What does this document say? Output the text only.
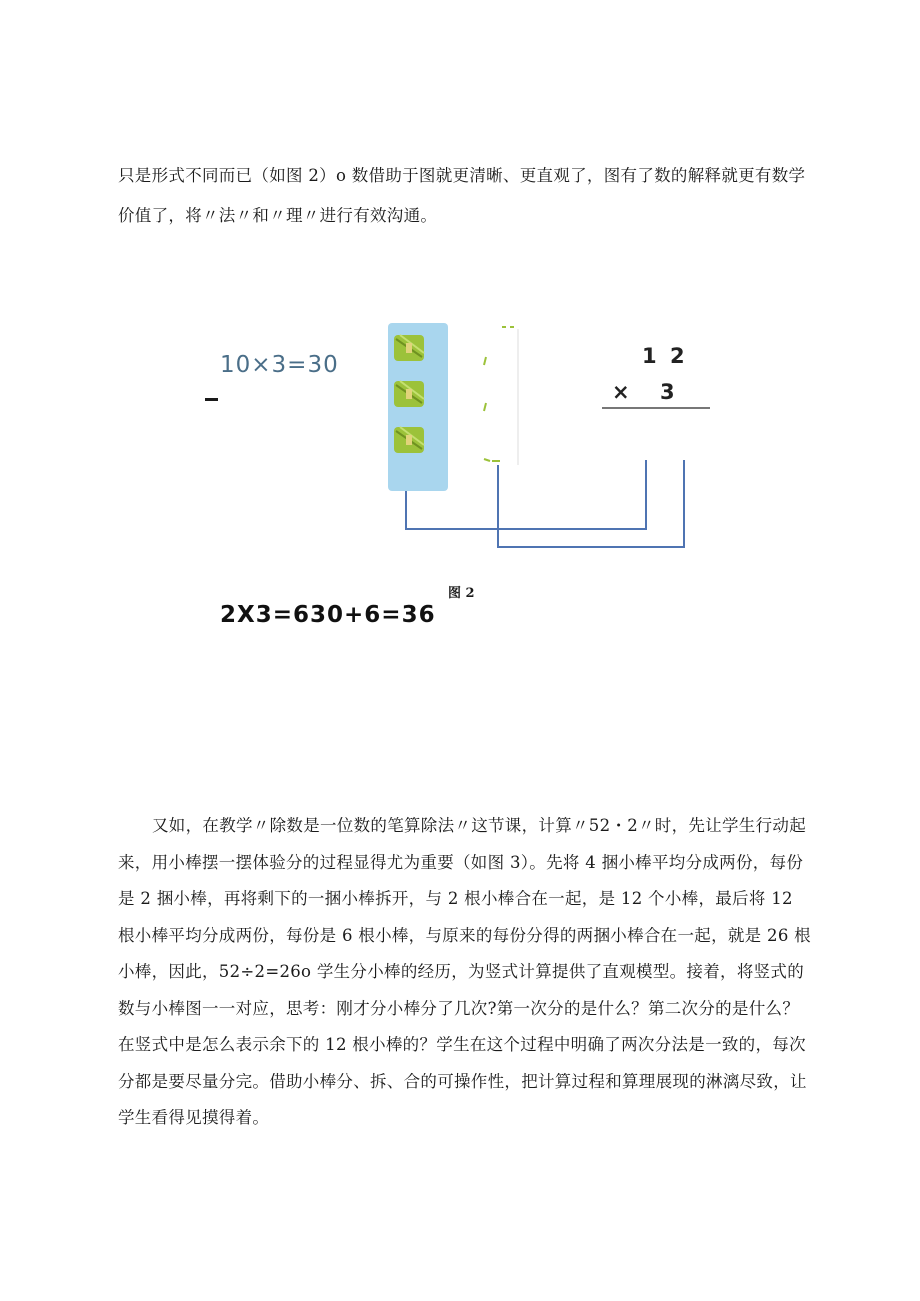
只是形式不同而已（如图 2）o 数借助于图就更清晰、更直观了，图有了数的解释就更有数学

价值了，将〃法〃和〃理〃进行有效沟通。

10×3=30	1 2
× 3
图 2
2X3=630+6=36

又如，在教学〃除数是一位数的笔算除法〃这节课，计算〃52・2〃时，先让学生行动起来，用小棒摆一摆体验分的过程显得尤为重要（如图 3）。先将 4 捆小棒平均分成两份，每份是 2 捆小棒，再将剩下的一捆小棒拆开，与 2 根小棒合在一起，是 12 个小棒，最后将 12 根小棒平均分成两份，每份是 6 根小棒，与原来的每份分得的两捆小棒合在一起，就是 26 根小棒，因此，52÷2=26o 学生分小棒的经历，为竖式计算提供了直观模型。接着，将竖式的数与小棒图一一对应，思考：刚才分小棒分了几次?第一次分的是什么？第二次分的是什么？在竖式中是怎么表示余下的 12 根小棒的？学生在这个过程中明确了两次分法是一致的，每次分都是要尽量分完。借助小棒分、拆、合的可操作性，把计算过程和算理展现的淋漓尽致，让学生看得见摸得着。
